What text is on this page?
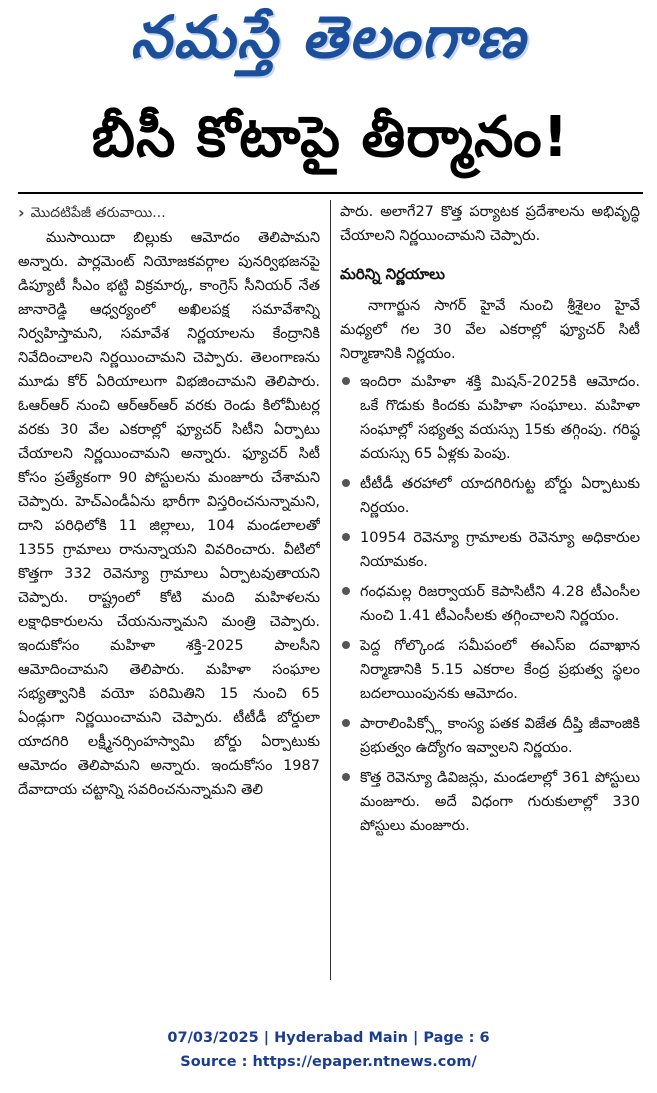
నమస్తే తెలంగాణ
బీసీ కోటాపై తీర్మానం!
› మొదటిపేజీ తరువాయి...

ముసాయిదా బిల్లుకు ఆమోదం తెలిపామని అన్నారు. పార్లమెంట్ నియోజకవర్గాల పునర్విభజనపై డిప్యూటీ సీఎం భట్టి విక్రమార్క, కాంగ్రెస్ సీనియర్ నేత జానారెడ్డి ఆధ్వర్యంలో అఖిలపక్ష సమావేశాన్ని నిర్వహిస్తామని, సమావేశ నిర్ణయాలను కేంద్రానికి నివేదించాలని నిర్ణయించామని చెప్పారు. తెలంగాణను మూడు కోర్ ఏరియాలుగా విభజించామని తెలిపారు. ఓఆర్ఆర్ నుంచి ఆర్ఆర్ఆర్ వరకు రెండు కిలోమీటర్ల వరకు 30 వేల ఎకరాల్లో ఫ్యూచర్ సిటీని ఏర్పాటు చేయాలని నిర్ణయించామని అన్నారు. ఫ్యూచర్ సిటీ కోసం ప్రత్యేకంగా 90 పోస్టులను మంజూరు చేశామని చెప్పారు. హెచ్ఎండీఏను భారీగా విస్తరించనున్నామని, దాని పరిధిలోకి 11 జిల్లాలు, 104 మండలాలతో 1355 గ్రామాలు రానున్నాయని వివరించారు. వీటిలో కొత్తగా 332 రెవెన్యూ గ్రామాలు ఏర్పాటవుతాయని చెప్పారు. రాష్ట్రంలో కోటి మంది మహిళలను లక్షాధికారులను చేయనున్నామని మంత్రి చెప్పారు. ఇందుకోసం మహిళా శక్తి-2025 పాలసీని ఆమోదించామని తెలిపారు. మహిళా సంఘాల సభ్యత్వానికి వయో పరిమితిని 15 నుంచి 65 ఏండ్లుగా నిర్ణయించామని చెప్పారు. టీటీడీ బోర్డులా యాదగిరి లక్ష్మీనర్సింహస్వామి బోర్డు ఏర్పాటుకు ఆమోదం తెలిపామని అన్నారు. ఇందుకోసం 1987 దేవాదాయ చట్టాన్ని సవరించనున్నామని తెలి

పారు. అలాగే27 కొత్త పర్యాటక ప్రదేశాలను అభివృద్ధి చేయాలని నిర్ణయించామని చెప్పారు.

మరిన్ని నిర్ణయాలు

నాగార్జున సాగర్ హైవే నుంచి శ్రీశైలం హైవే మధ్యలో గల 30 వేల ఎకరాల్లో ఫ్యూచర్ సిటీ నిర్మాణానికి నిర్ణయం.

ఇందిరా మహిళా శక్తి మిషన్-2025కి ఆమోదం. ఒకే గొడుకు కిందకు మహిళా సంఘాలు. మహిళా సంఘాల్లో సభ్యత్వ వయస్సు 15కు తగ్గింపు. గరిష్ఠ వయస్సు 65 ఏళ్లకు పెంపు.
టీటీడీ తరహాలో యాదగిరిగుట్ట బోర్డు ఏర్పాటుకు నిర్ణయం.
10954 రెవెన్యూ గ్రామాలకు రెవెన్యూ అధికారుల నియామకం.
గంధమల్ల రిజర్వాయర్ కెపాసిటీని 4.28 టీఎంసీల నుంచి 1.41 టీఎంసీలకు తగ్గించాలని నిర్ణయం.
పెద్ద గోల్కొండ సమీపంలో ఈఎస్ఐ దవాఖాన నిర్మాణానికి 5.15 ఎకరాల కేంద్ర ప్రభుత్వ స్థలం బదలాయింపునకు ఆమోదం.
పారాలింపిక్స్లో కాంస్య పతక విజేత దీప్తి జీవాంజికి ప్రభుత్వం ఉద్యోగం ఇవ్వాలని నిర్ణయం.
కొత్త రెవెన్యూ డివిజన్లు, మండలాల్లో 361 పోస్టులు మంజూరు. అదే విధంగా గురుకులాల్లో 330 పోస్టులు మంజూరు.
07/03/2025 | Hyderabad Main | Page : 6
Source : https://epaper.ntnews.com/
